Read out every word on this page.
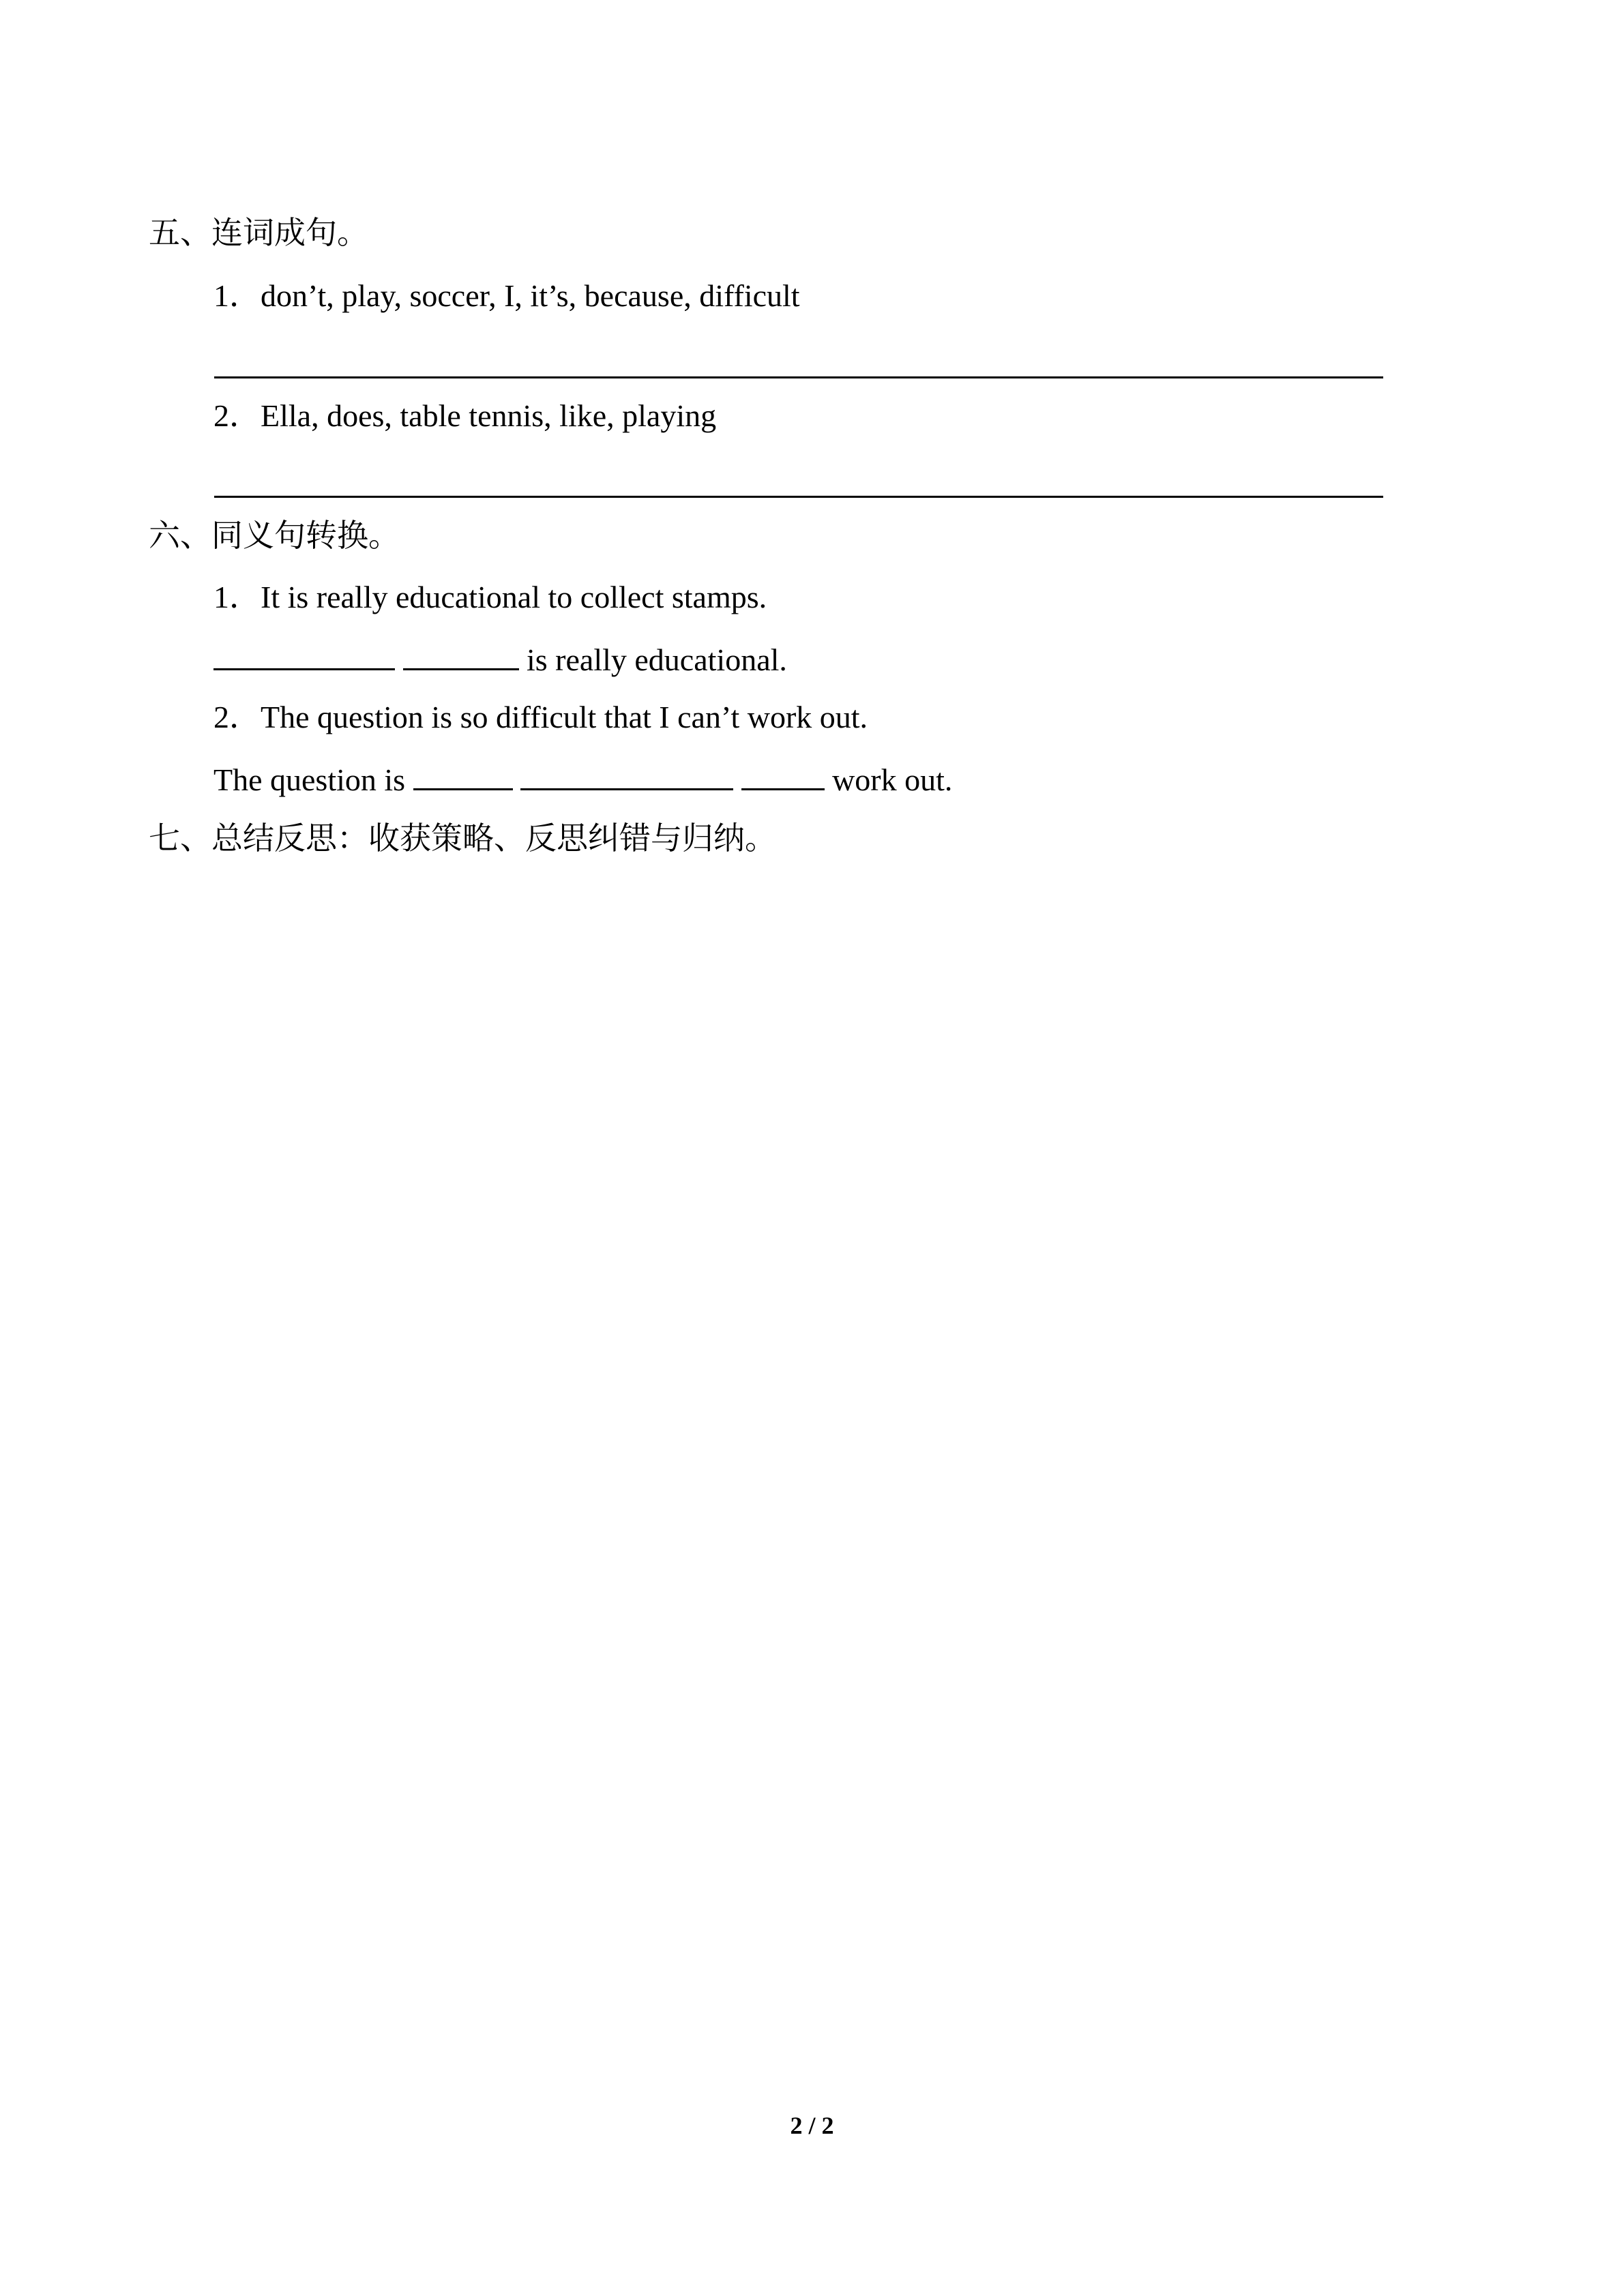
五、连词成句。
1．don’t, play, soccer, I, it’s, because, difficult
2．Ella, does, table tennis, like, playing
六、同义句转换。
1．It is really educational to collect stamps.
is really educational.
2．The question is so difficult that I can’t work out.
The question is	work out.
七、总结反思：收获策略、反思纠错与归纳。
2 / 2
